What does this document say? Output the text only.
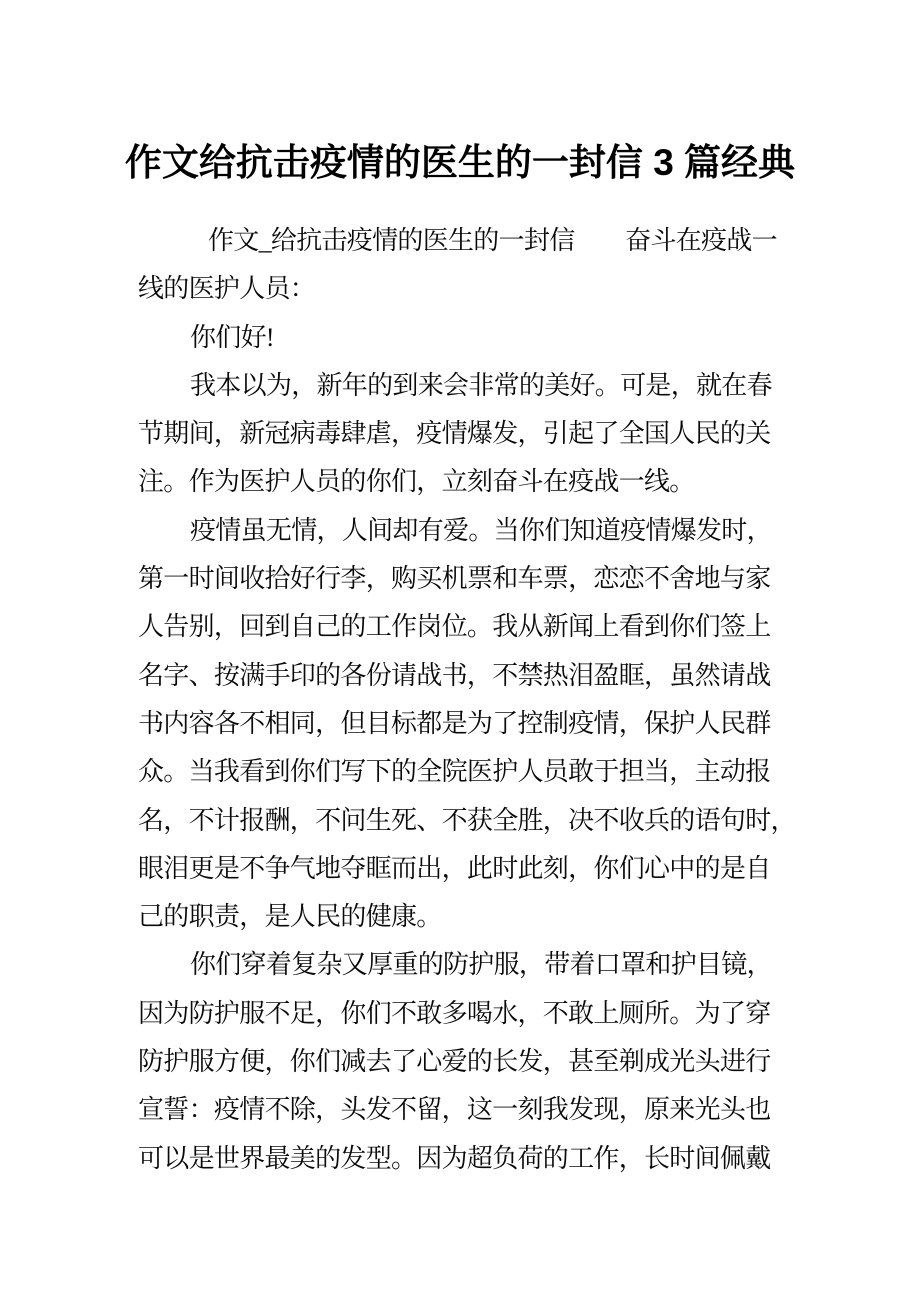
作文给抗击疫情的医生的一封信 3 篇经典
作文_给抗击疫情的医生的一封信　　奋斗在疫战一
线的医护人员：
你们好!
我本以为，新年的到来会非常的美好。可是，就在春
节期间，新冠病毒肆虐，疫情爆发，引起了全国人民的关
注。作为医护人员的你们，立刻奋斗在疫战一线。
疫情虽无情，人间却有爱。当你们知道疫情爆发时，
第一时间收拾好行李，购买机票和车票，恋恋不舍地与家
人告别，回到自己的工作岗位。我从新闻上看到你们签上
名字、按满手印的各份请战书，不禁热泪盈眶，虽然请战
书内容各不相同，但目标都是为了控制疫情，保护人民群
众。当我看到你们写下的全院医护人员敢于担当，主动报
名，不计报酬，不问生死、不获全胜，决不收兵的语句时，
眼泪更是不争气地夺眶而出，此时此刻，你们心中的是自
己的职责，是人民的健康。
你们穿着复杂又厚重的防护服，带着口罩和护目镜，
因为防护服不足，你们不敢多喝水，不敢上厕所。为了穿
防护服方便，你们减去了心爱的长发，甚至剃成光头进行
宣誓：疫情不除，头发不留，这一刻我发现，原来光头也
可以是世界最美的发型。因为超负荷的工作，长时间佩戴
